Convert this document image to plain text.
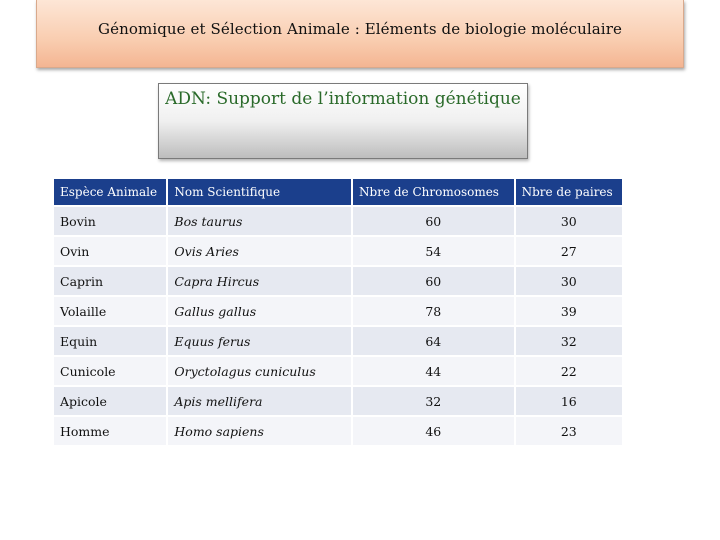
Génomique et Sélection Animale : Eléments de biologie moléculaire
ADN: Support de l’information génétique
Espèce Animale	Nom Scientifique	Nbre de Chromosomes	Nbre de paires
Bovin	Bos taurus	60	30
Ovin	Ovis Aries	54	27
Caprin	Capra Hircus	60	30
Volaille	Gallus gallus	78	39
Equin	Equus ferus	64	32
Cunicole	Oryctolagus cuniculus	44	22
Apicole	Apis mellifera	32	16
Homme	Homo sapiens	46	23
